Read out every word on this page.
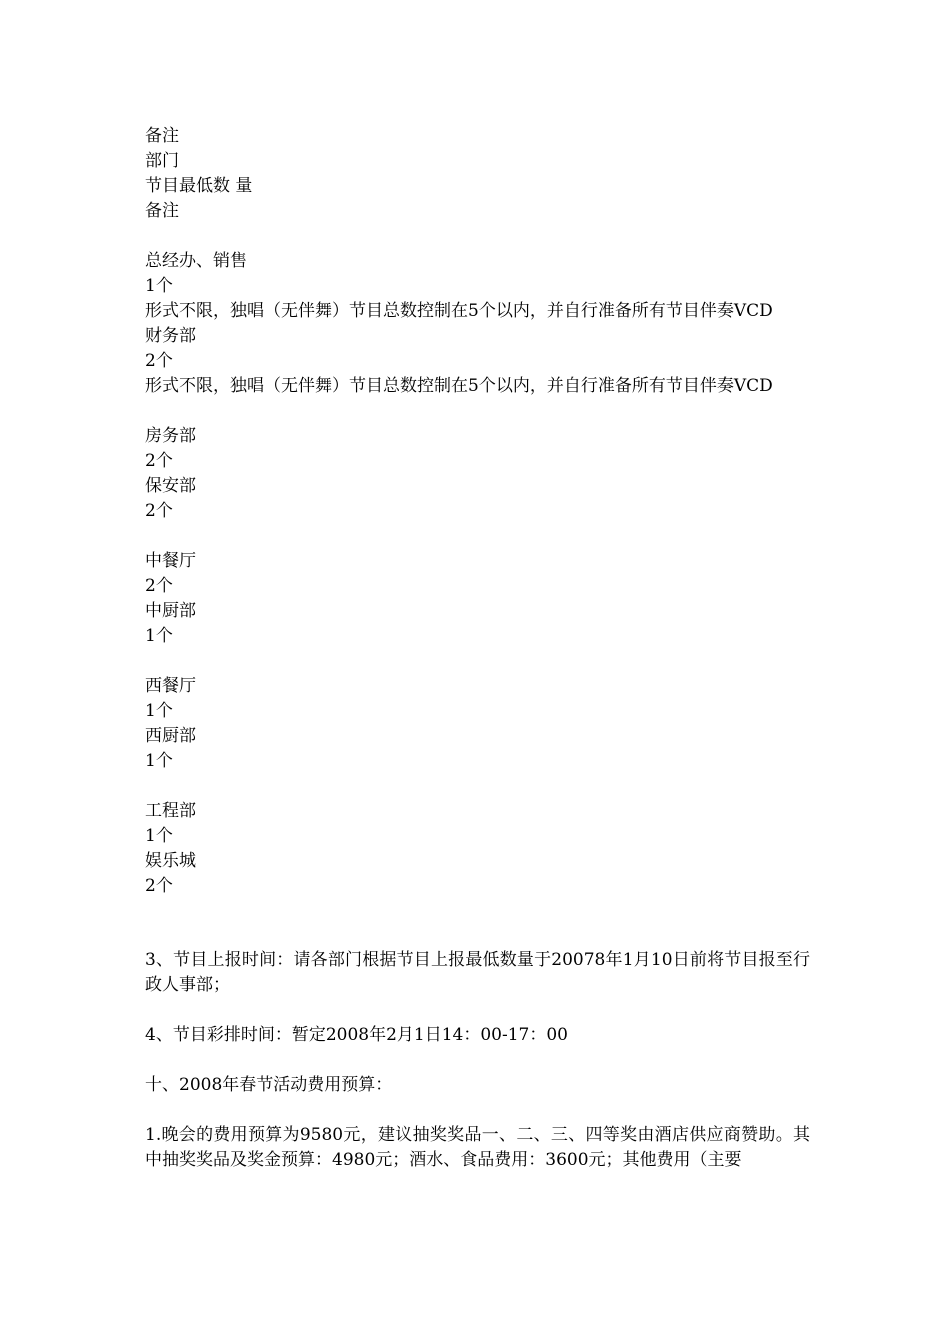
备注
部门
节目最低数 量
备注
总经办、销售
1个
形式不限，独唱（无伴舞）节目总数控制在5个以内，并自行准备所有节目伴奏VCD
财务部
2个
形式不限，独唱（无伴舞）节目总数控制在5个以内，并自行准备所有节目伴奏VCD
房务部
2个
保安部
2个
中餐厅
2个
中厨部
1个
西餐厅
1个
西厨部
1个
工程部
1个
娱乐城
2个
3、节目上报时间：请各部门根据节目上报最低数量于20078年1月10日前将节目报至行政人事部；
4、节目彩排时间：暂定2008年2月1日14：00-17：00
十、2008年春节活动费用预算：
1.晚会的费用预算为9580元，建议抽奖奖品一、二、三、四等奖由酒店供应商赞助。其中抽奖奖品及奖金预算：4980元；酒水、食品费用：3600元；其他费用（主要
